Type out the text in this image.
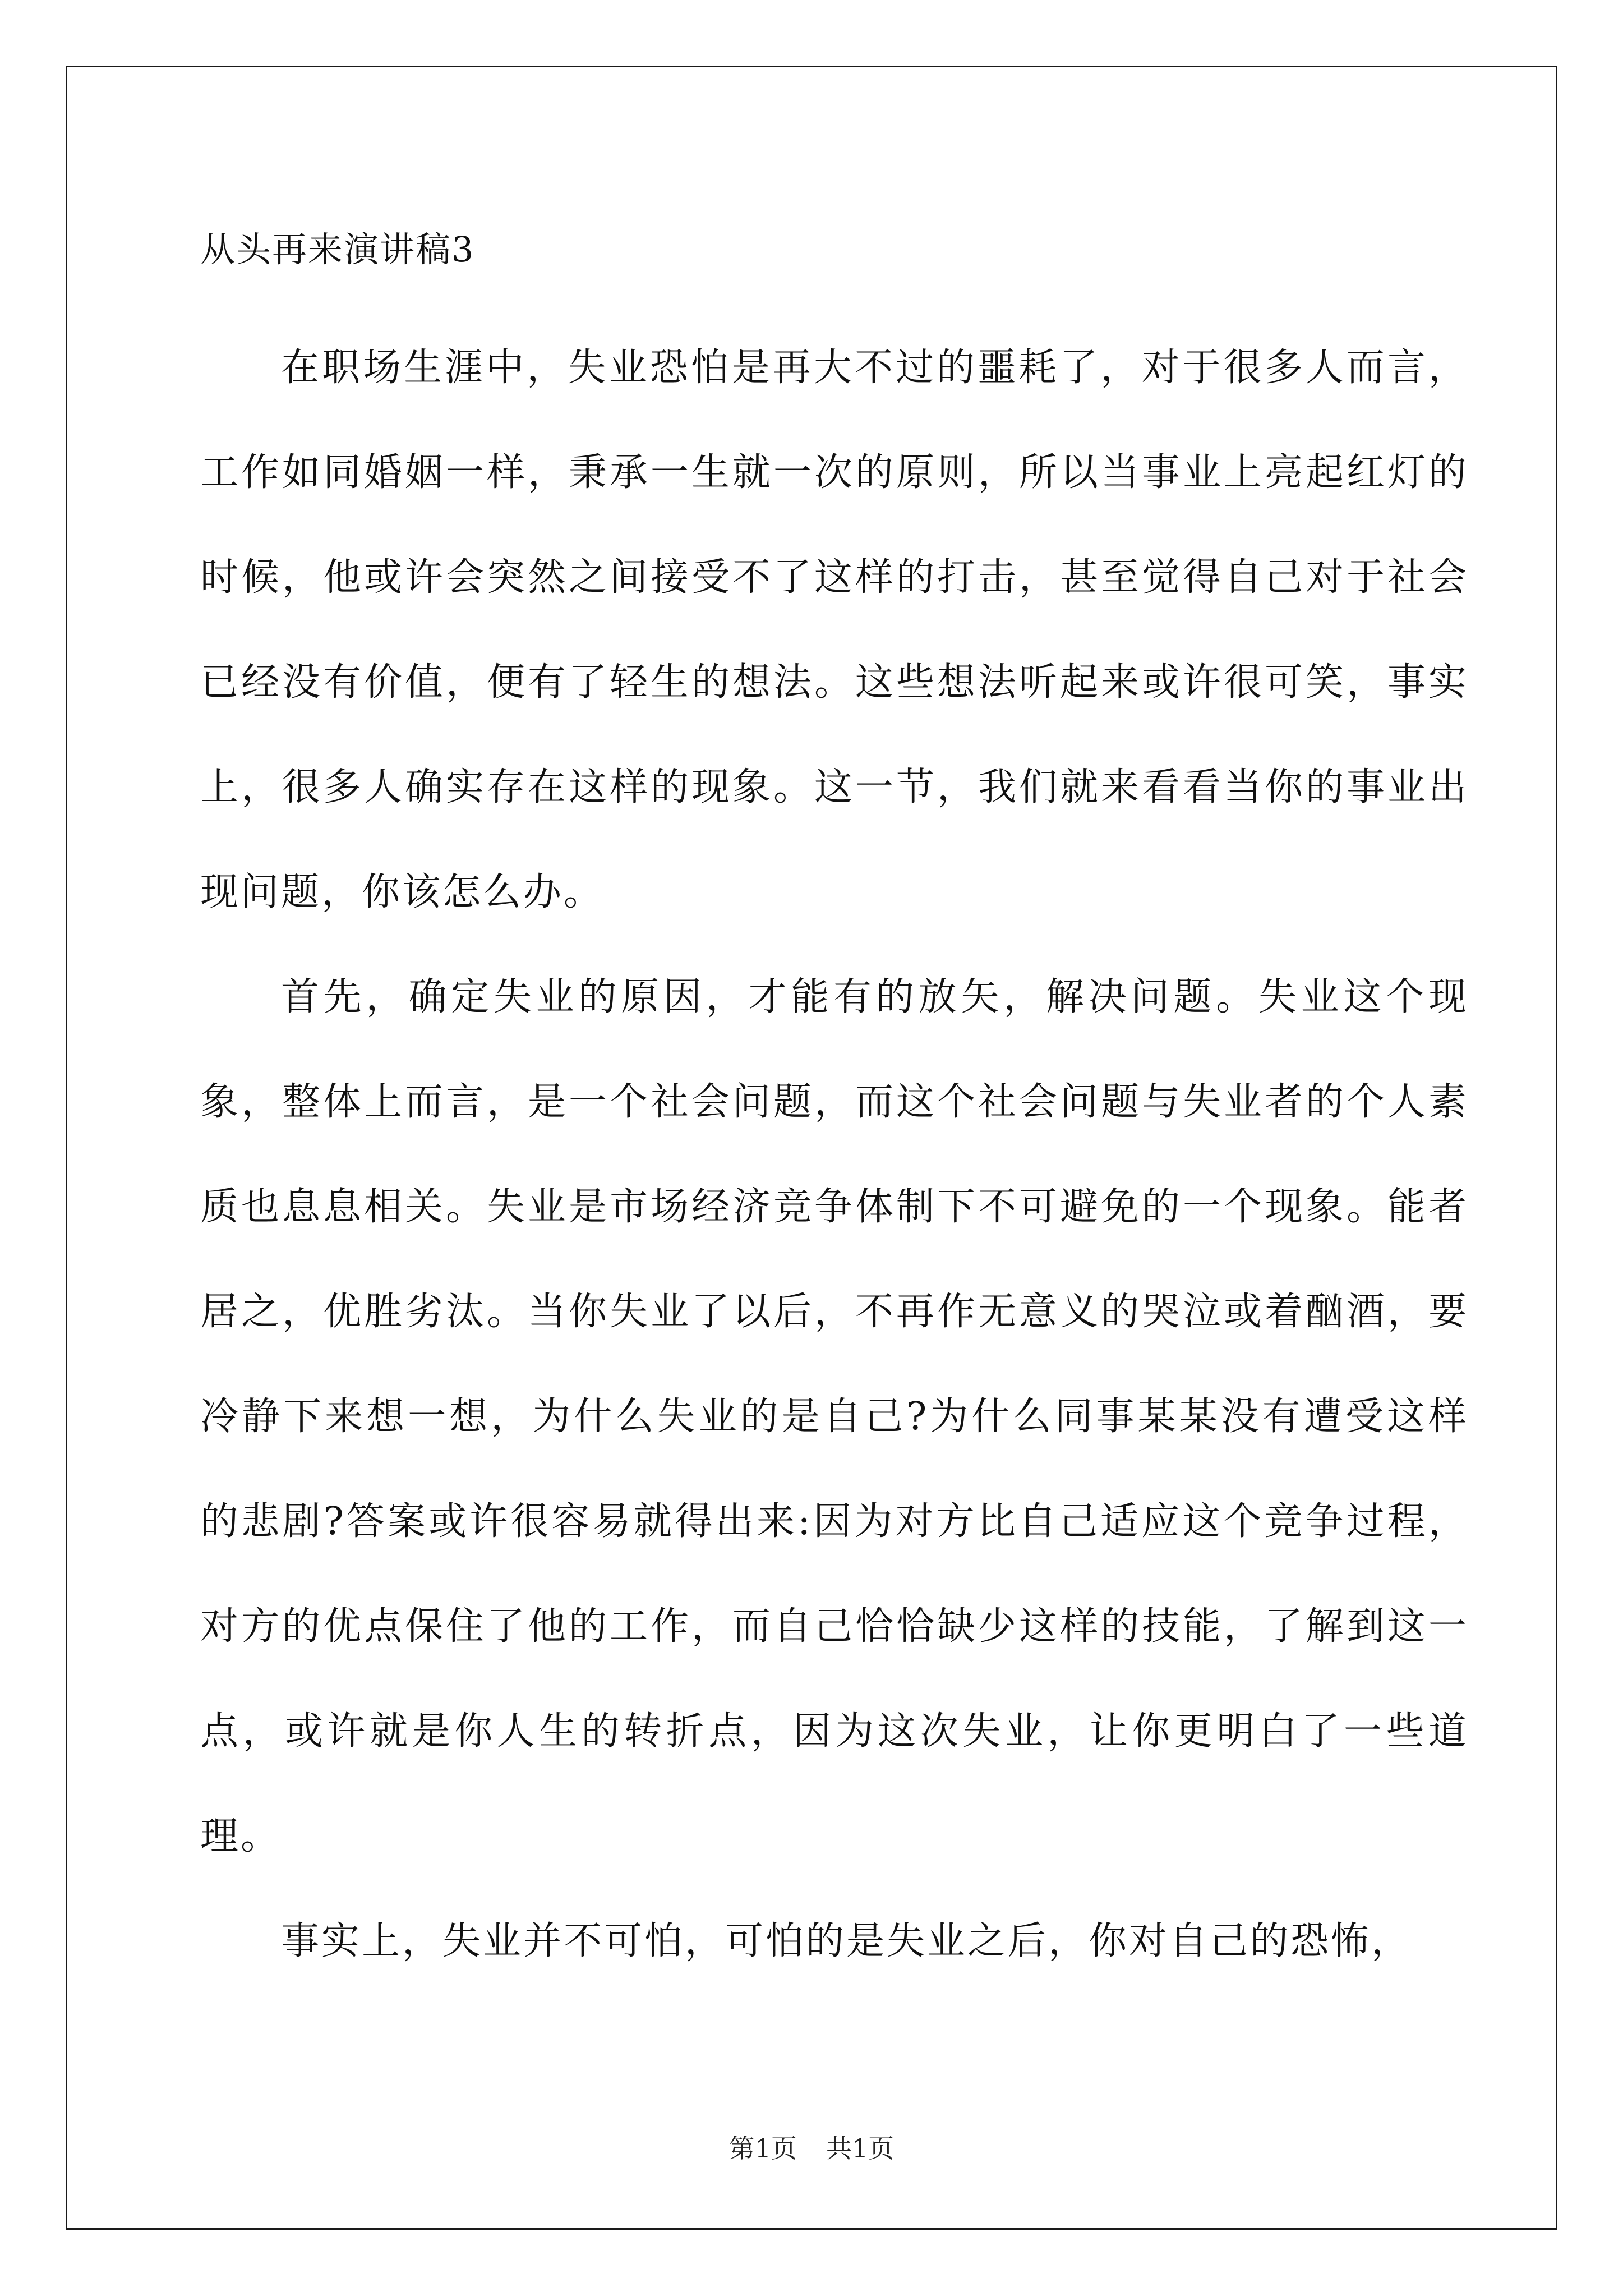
从头再来演讲稿3

在职场生涯中，失业恐怕是再大不过的噩耗了，对于很多人而言，工作如同婚姻一样，秉承一生就一次的原则，所以当事业上亮起红灯的时候，他或许会突然之间接受不了这样的打击，甚至觉得自己对于社会已经没有价值，便有了轻生的想法。这些想法听起来或许很可笑，事实上，很多人确实存在这样的现象。这一节，我们就来看看当你的事业出现问题，你该怎么办。

首先，确定失业的原因，才能有的放矢，解决问题。失业这个现象，整体上而言，是一个社会问题，而这个社会问题与失业者的个人素质也息息相关。失业是市场经济竞争体制下不可避免的一个现象。能者居之，优胜劣汰。当你失业了以后，不再作无意义的哭泣或着酗酒，要冷静下来想一想，为什么失业的是自己?为什么同事某某没有遭受这样的悲剧?答案或许很容易就得出来:因为对方比自己适应这个竞争过程，对方的优点保住了他的工作，而自己恰恰缺少这样的技能，了解到这一点，或许就是你人生的转折点，因为这次失业，让你更明白了一些道理。

事实上，失业并不可怕，可怕的是失业之后，你对自己的恐怖，

第1页 共1页
